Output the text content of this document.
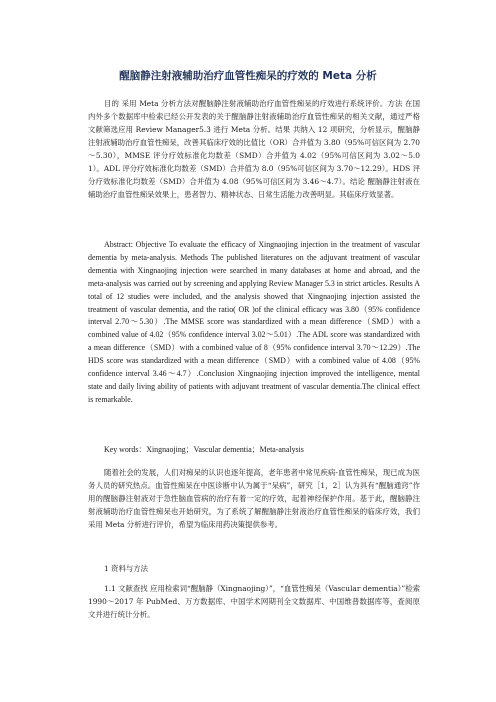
醒脑静注射液辅助治疗血管性痴呆的疗效的 Meta 分析
目的 采用 Meta 分析方法对醒脑静注射液辅助治疗血管性痴呆的疗效进行系统评价。方法 在国内外多个数据库中检索已经公开发表的关于醒脑静注射液辅助治疗血管性痴呆的相关文献，通过严格文献筛选应用 Review Manager5.3 进行 Meta 分析。结果 共纳入 12 项研究，分析显示，醒脑静注射液辅助治疗血管性痴呆，改善其临床疗效的比值比（OR）合并值为 3.80（95%可信区间为 2.70～5.30），MMSE 评分疗效标准化均数差（SMD）合并值为 4.02（95%可信区间为 3.02～5.01）。ADL 评分疗效标准化均数差（SMD）合并值为 8.0（95%可信区间为 3.70～12.29）。HDS 评分疗效标准化均数差（SMD）合并值为 4.08（95%可信区间为 3.46～4.7）。结论 醒脑静注射液在辅助治疗血管性痴呆效果上，患者智力、精神状态、日常生活能力改善明显。其临床疗效显著。
Abstract: Objective To evaluate the efficacy of Xingnaojing injection in the treatment of vascular dementia by meta-analysis. Methods The published literatures on the adjuvant treatment of vascular dementia with Xingnaojing injection were searched in many databases at home and abroad, and the meta-analysis was carried out by screening and applying Review Manager 5.3 in strict articles. Results A total of 12 studies were included, and the analysis showed that Xingnaojing injection assisted the treatment of vascular dementia, and the ratio( OR )of the clinical efficacy was 3.80（95% confidence interval 2.70～5.30）.The MMSE score was standardized with a mean difference（SMD）with a combined value of 4.02（95% confidence interval 3.02～5.01）.The ADL score was standardized with a mean difference（SMD）with a combined value of 8（95% confidence interval 3.70～12.29）.The HDS score was standardized with a mean difference（SMD）with a combined value of 4.08（95% confidence interval 3.46～4.7）.Conclusion Xingnaojing injection improved the intelligence, mental state and daily living ability of patients with adjuvant treatment of vascular dementia.The clinical effect is remarkable.
Key words：Xingnaojing；Vascular dementia；Meta-analysis
随着社会的发展，人们对痴呆的认识也逐年提高，老年患者中常见疾病-血管性痴呆，现已成为医务人员的研究热点。血管性痴呆在中医诊断中认为属于“呆病”，研究［1，2］认为具有“醒脑通窍”作用的醒脑静注射液对于急性脑血管病的治疗有着一定的疗效，起着神经保护作用。基于此，醒脑静注射液辅助治疗血管性痴呆也开始研究，为了系统了解醒脑静注射液治疗血管性痴呆的临床疗效，我们采用 Meta 分析进行评价，希望为临床用药决策提供参考。
1 资料与方法
1.1 文献查找 应用检索词“醒脑静（Xingnaojing）”，“血管性痴呆（Vascular dementia）”检索 1990～2017 年 PubMed、万方数据库、中国学术网期刊全文数据库、中国维普数据库等，查阅原文并进行统计分析。
